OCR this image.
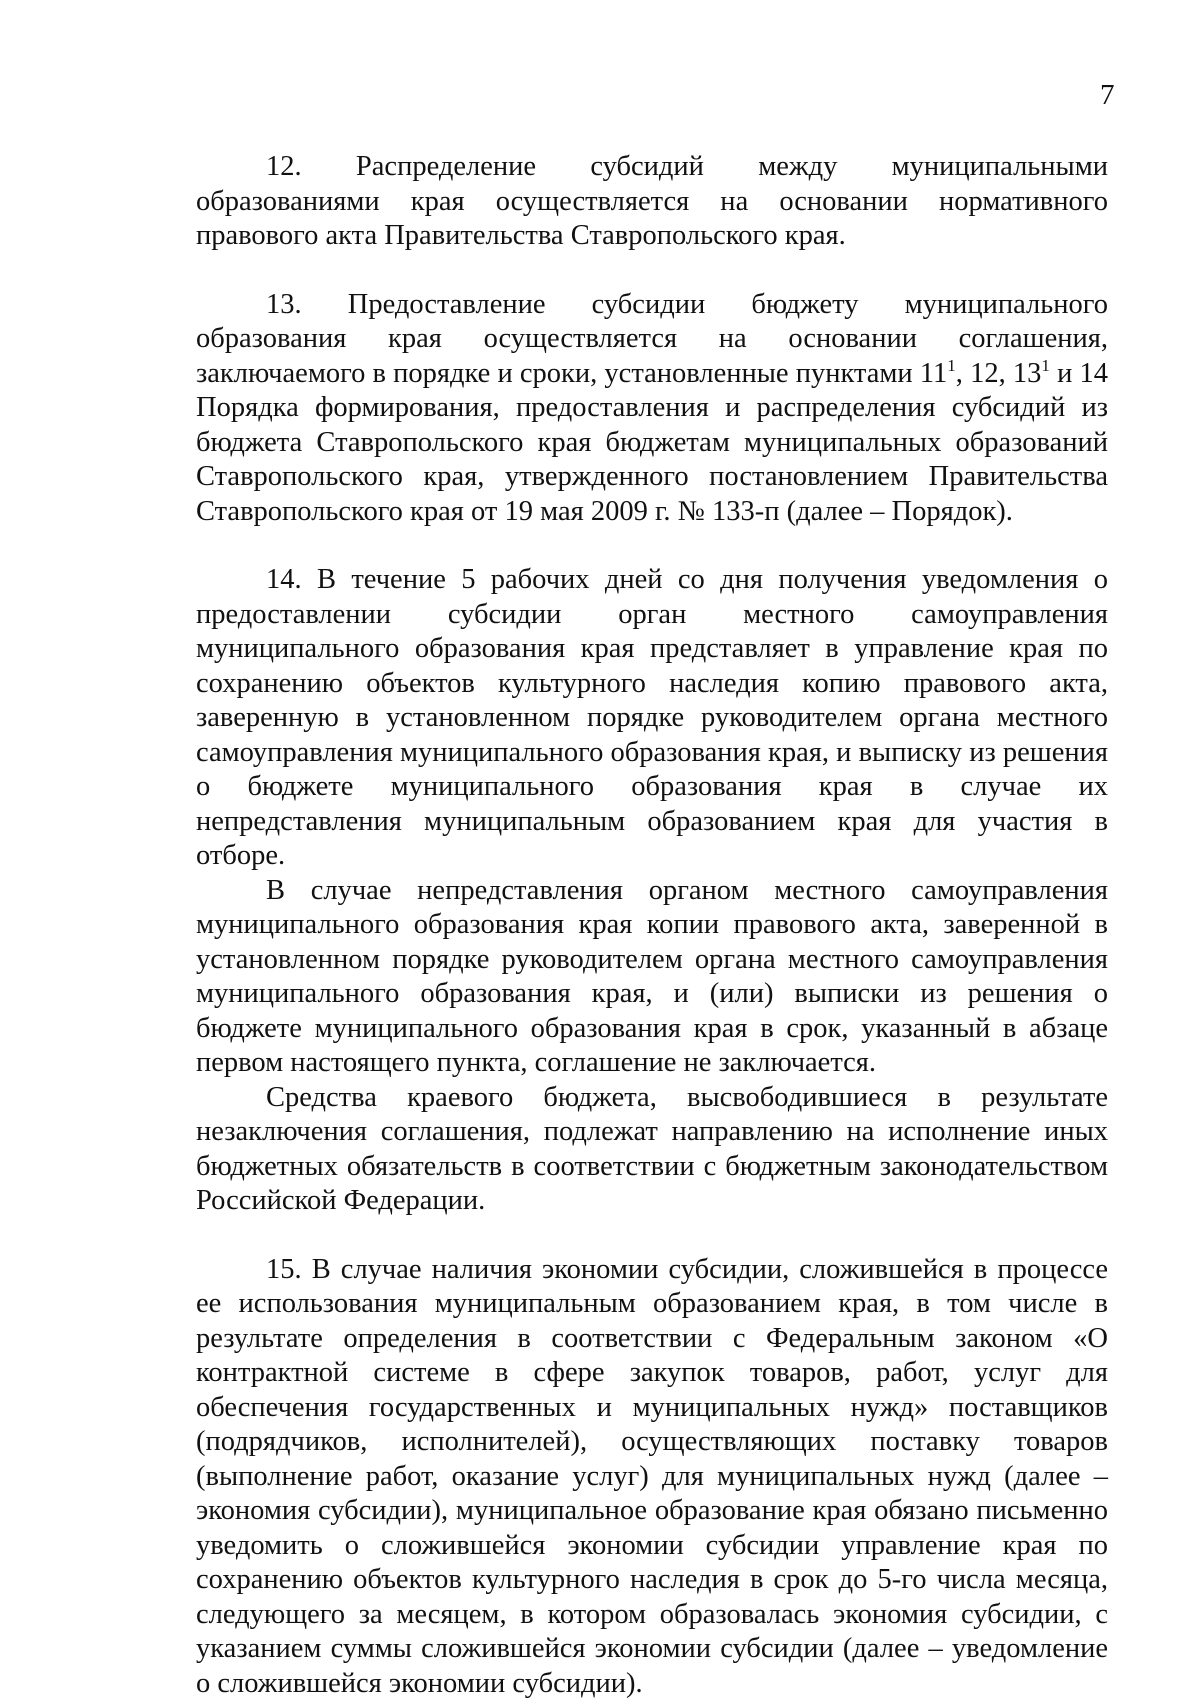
7

12. Распределение субсидий между муниципальными образованиями края осуществляется на основании нормативного правового акта Правительства Ставропольского края.

13. Предоставление субсидии бюджету муниципального образования края осуществляется на основании соглашения, заключаемого в порядке и сроки, установленные пунктами $11^1$, 12, $13^1$ и 14 Порядка формирования, предоставления и распределения субсидий из бюджета Ставропольского края бюджетам муниципальных образований Ставропольского края, утвержденного постановлением Правительства Ставропольского края от 19 мая 2009 г. № 133-п (далее – Порядок).

14. В течение 5 рабочих дней со дня получения уведомления о предоставлении субсидии орган местного самоуправления муниципального образования края представляет в управление края по сохранению объектов культурного наследия копию правового акта, заверенную в установленном порядке руководителем органа местного самоуправления муниципального образования края, и выписку из решения о бюджете муниципального образования края в случае их непредставления муниципальным образованием края для участия в отборе.

В случае непредставления органом местного самоуправления муниципального образования края копии правового акта, заверенной в установленном порядке руководителем органа местного самоуправления муниципального образования края, и (или) выписки из решения о бюджете муниципального образования края в срок, указанный в абзаце первом настоящего пункта, соглашение не заключается.

Средства краевого бюджета, высвободившиеся в результате незаключения соглашения, подлежат направлению на исполнение иных бюджетных обязательств в соответствии с бюджетным законодательством Российской Федерации.

15. В случае наличия экономии субсидии, сложившейся в процессе ее использования муниципальным образованием края, в том числе в результате определения в соответствии с Федеральным законом «О контрактной системе в сфере закупок товаров, работ, услуг для обеспечения государственных и муниципальных нужд» поставщиков (подрядчиков, исполнителей), осуществляющих поставку товаров (выполнение работ, оказание услуг) для муниципальных нужд (далее – экономия субсидии), муниципальное образование края обязано письменно уведомить о сложившейся экономии субсидии управление края по сохранению объектов культурного наследия в срок до 5-го числа месяца, следующего за месяцем, в котором образовалась экономия субсидии, с указанием суммы сложившейся экономии субсидии (далее – уведомление о сложившейся экономии субсидии).
